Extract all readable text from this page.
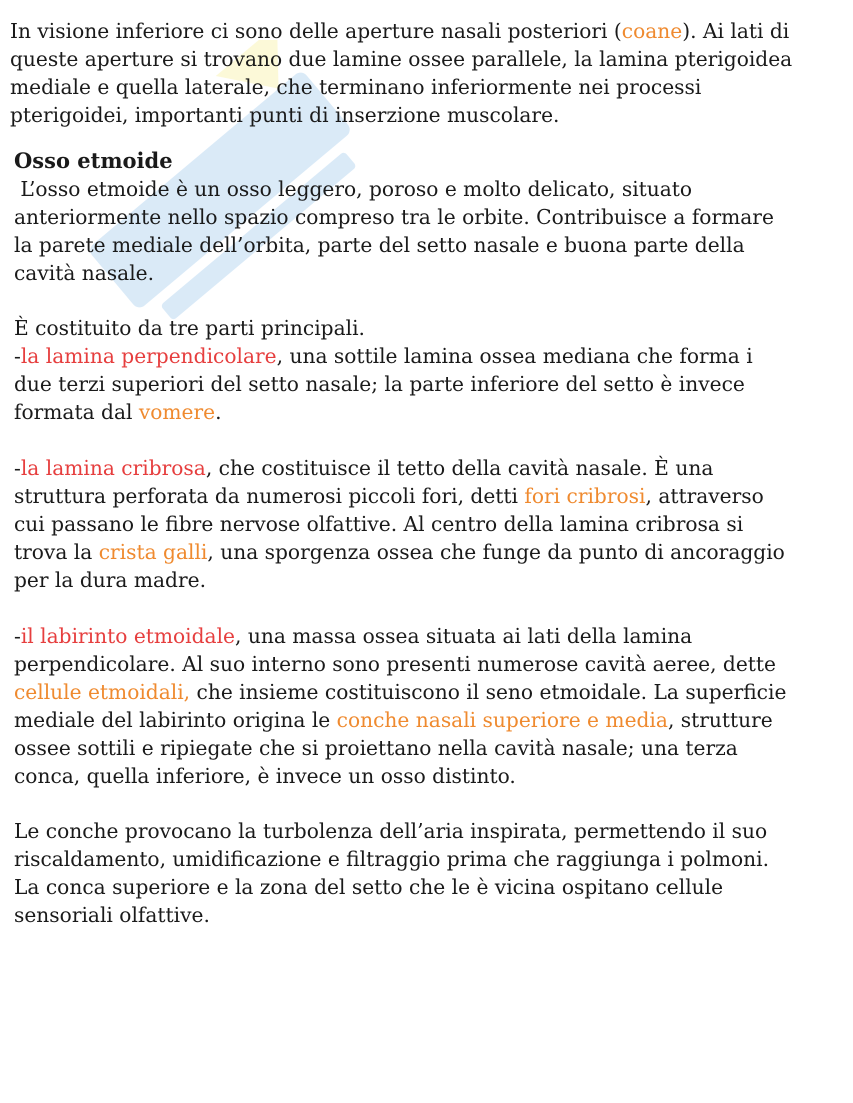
In visione inferiore ci sono delle aperture nasali posteriori (coane). Ai lati di
queste aperture si trovano due lamine ossee parallele, la lamina pterigoidea
mediale e quella laterale, che terminano inferiormente nei processi
pterigoidei, importanti punti di inserzione muscolare.
Osso etmoide
L’osso etmoide è un osso leggero, poroso e molto delicato, situato
anteriormente nello spazio compreso tra le orbite. Contribuisce a formare
la parete mediale dell’orbita, parte del setto nasale e buona parte della
cavità nasale.
È costituito da tre parti principali.
-la lamina perpendicolare, una sottile lamina ossea mediana che forma i
due terzi superiori del setto nasale; la parte inferiore del setto è invece
formata dal vomere.
-la lamina cribrosa, che costituisce il tetto della cavità nasale. È una
struttura perforata da numerosi piccoli fori, detti fori cribrosi, attraverso
cui passano le fibre nervose olfattive. Al centro della lamina cribrosa si
trova la crista galli, una sporgenza ossea che funge da punto di ancoraggio
per la dura madre.
-il labirinto etmoidale, una massa ossea situata ai lati della lamina
perpendicolare. Al suo interno sono presenti numerose cavità aeree, dette
cellule etmoidali, che insieme costituiscono il seno etmoidale. La superficie
mediale del labirinto origina le conche nasali superiore e media, strutture
ossee sottili e ripiegate che si proiettano nella cavità nasale; una terza
conca, quella inferiore, è invece un osso distinto.
Le conche provocano la turbolenza dell’aria inspirata, permettendo il suo
riscaldamento, umidificazione e filtraggio prima che raggiunga i polmoni.
La conca superiore e la zona del setto che le è vicina ospitano cellule
sensoriali olfattive.
